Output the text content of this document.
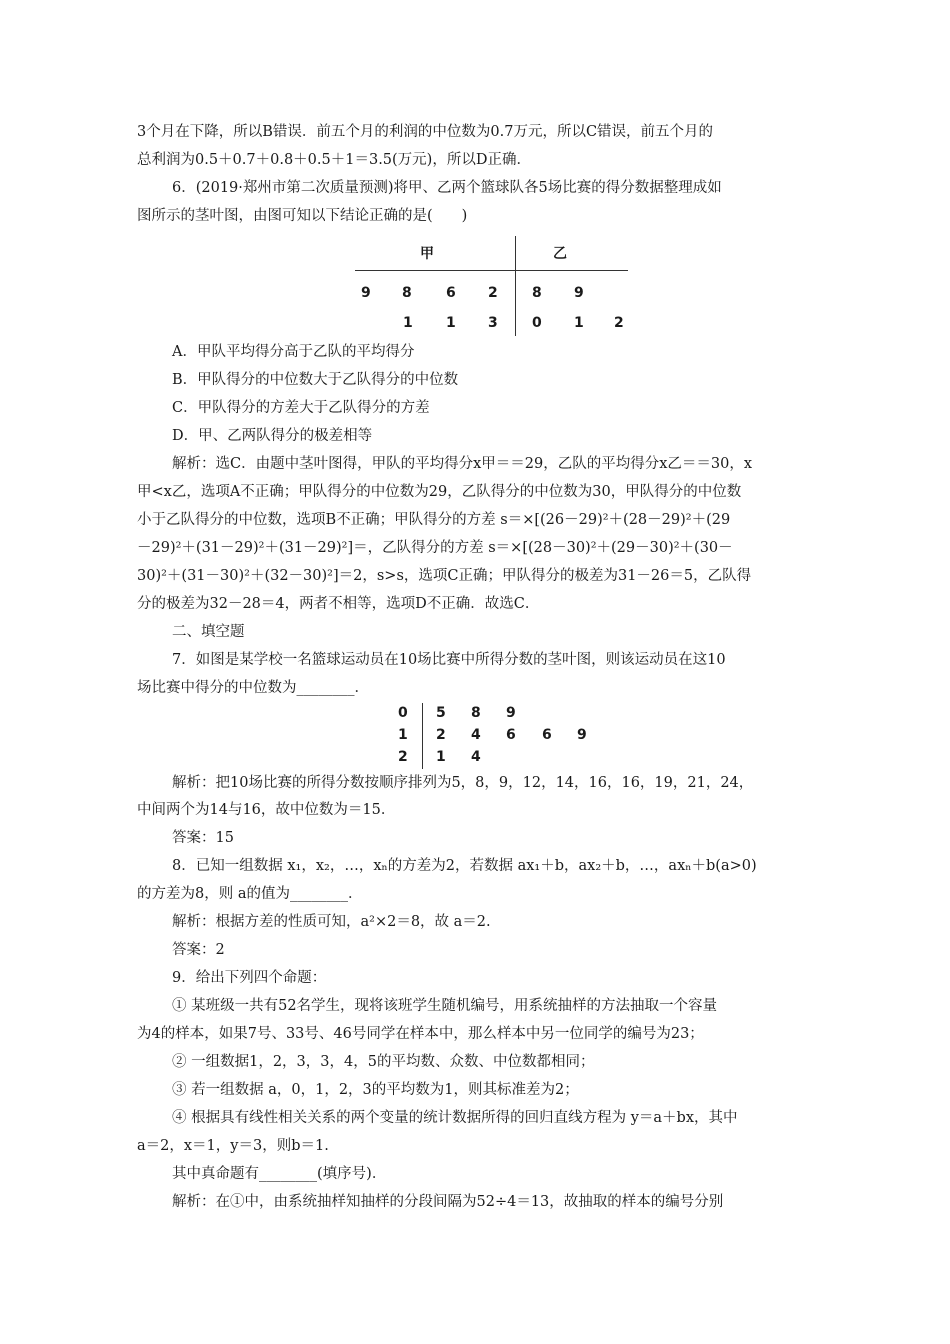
3个月在下降，所以B错误．前五个月的利润的中位数为0.7万元，所以C错误，前五个月的
总利润为0.5＋0.7＋0.8＋0.5＋1＝3.5(万元)，所以D正确．
6．(2019·郑州市第二次质量预测)将甲、乙两个篮球队各5场比赛的得分数据整理成如
图所示的茎叶图，由图可知以下结论正确的是(　　)
甲	乙
9 8 6 2 8 9
1 1 3 0 1 2
A．甲队平均得分高于乙队的平均得分
B．甲队得分的中位数大于乙队得分的中位数
C．甲队得分的方差大于乙队得分的方差
D．甲、乙两队得分的极差相等
解析：选C．由题中茎叶图得，甲队的平均得分x甲＝＝29，乙队的平均得分x乙＝＝30，x
甲<x乙，选项A不正确；甲队得分的中位数为29，乙队得分的中位数为30，甲队得分的中位数
小于乙队得分的中位数，选项B不正确；甲队得分的方差 s＝×[(26－29)²＋(28－29)²＋(29
－29)²＋(31－29)²＋(31－29)²]＝，乙队得分的方差 s＝×[(28－30)²＋(29－30)²＋(30－
30)²＋(31－30)²＋(32－30)²]＝2，s>s，选项C正确；甲队得分的极差为31－26＝5，乙队得
分的极差为32－28＝4，两者不相等，选项D不正确．故选C．
二、填空题
7．如图是某学校一名篮球运动员在10场比赛中所得分数的茎叶图，则该运动员在这10
场比赛中得分的中位数为________．
0
1
2
5 8 9
2 4 6 6 9
1 4
解析：把10场比赛的所得分数按顺序排列为5，8，9，12，14，16，16，19，21，24，
中间两个为14与16，故中位数为＝15．
答案：15
8．已知一组数据 x₁，x₂，…，xₙ的方差为2，若数据 ax₁＋b，ax₂＋b，…，axₙ＋b(a>0)
的方差为8，则 a的值为________．
解析：根据方差的性质可知，a²×2＝8，故 a＝2.
答案：2
9．给出下列四个命题：
① 某班级一共有52名学生，现将该班学生随机编号，用系统抽样的方法抽取一个容量
为4的样本，如果7号、33号、46号同学在样本中，那么样本中另一位同学的编号为23；
② 一组数据1，2，3，3，4，5的平均数、众数、中位数都相同；
③ 若一组数据 a，0，1，2，3的平均数为1，则其标准差为2；
④ 根据具有线性相关关系的两个变量的统计数据所得的回归直线方程为 y＝a＋bx，其中
a＝2，x＝1，y＝3，则b＝1.
其中真命题有________(填序号)．
解析：在①中，由系统抽样知抽样的分段间隔为52÷4＝13，故抽取的样本的编号分别
